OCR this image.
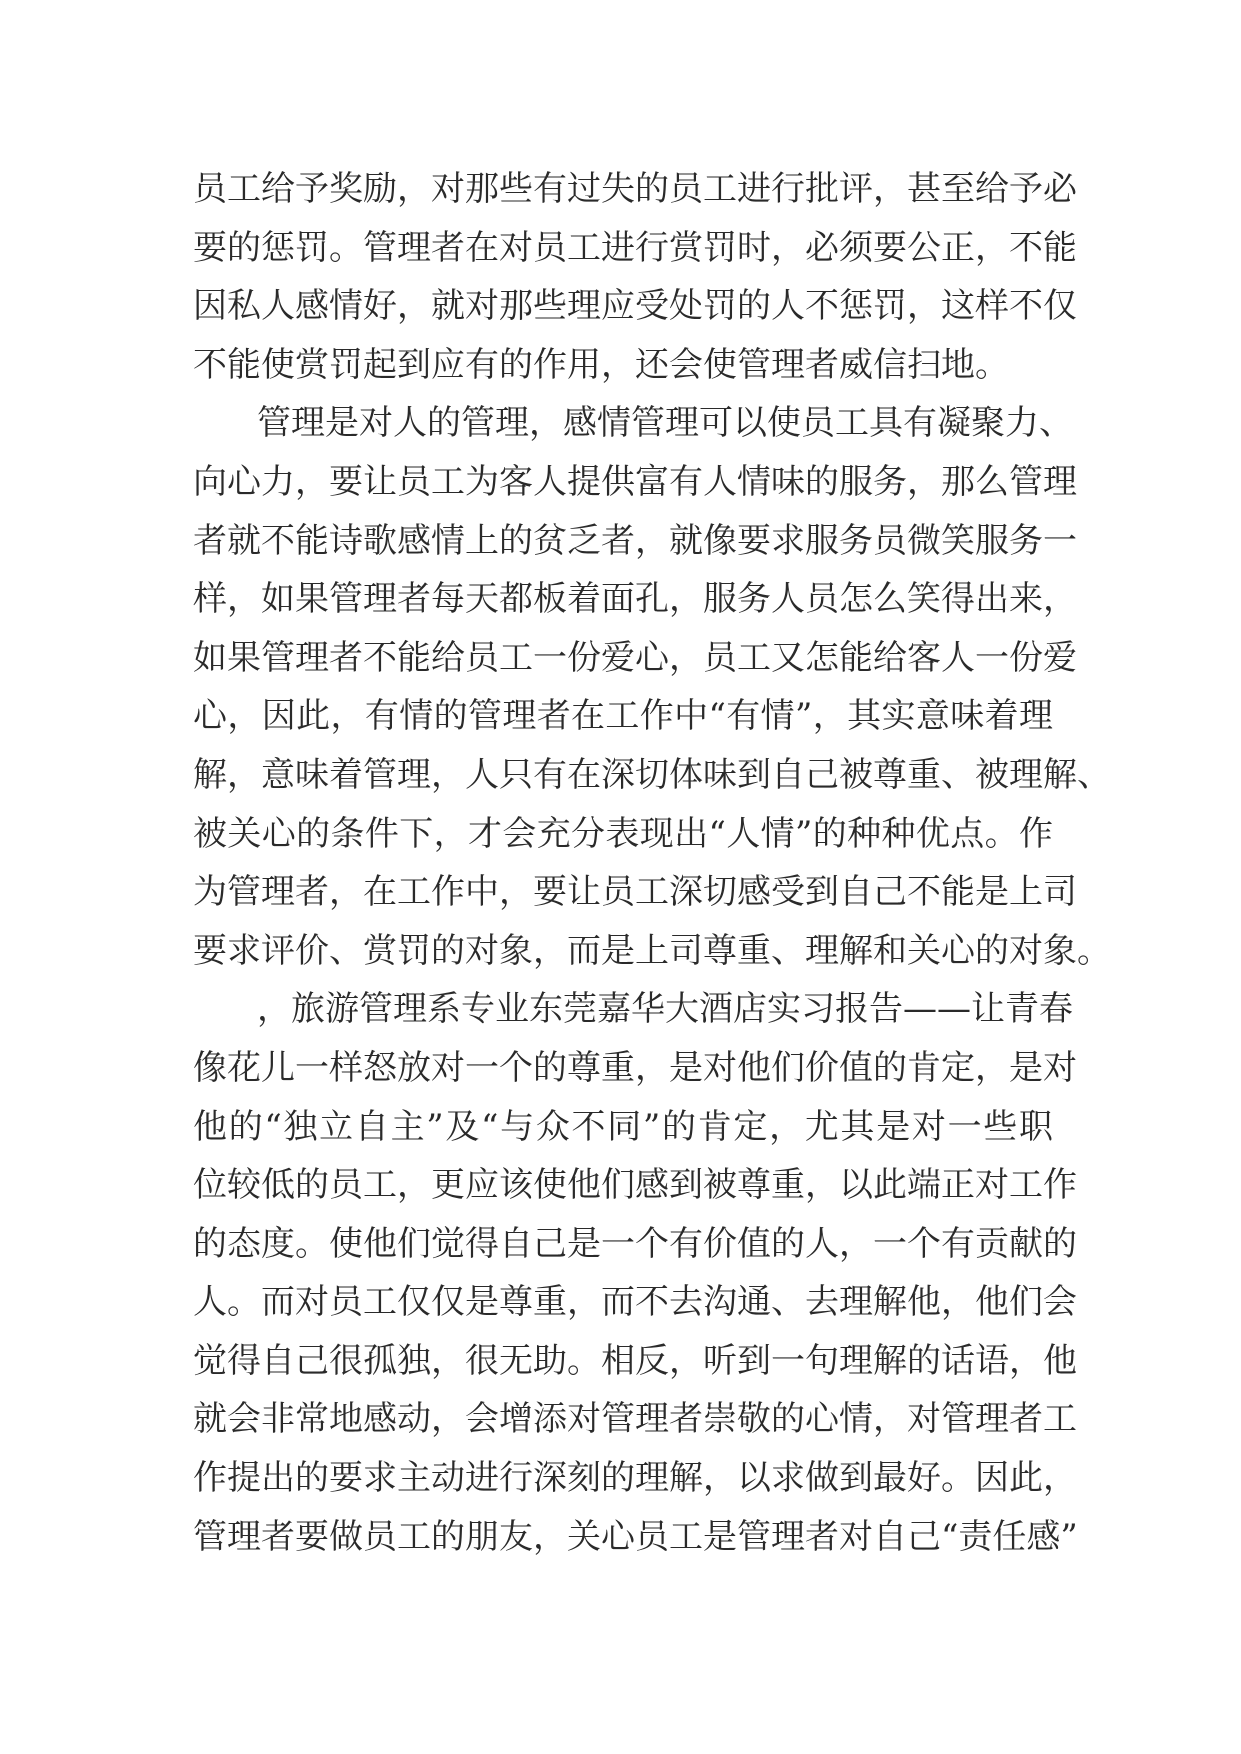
员工给予奖励，对那些有过失的员工进行批评，甚至给予必
要的惩罚。管理者在对员工进行赏罚时，必须要公正，不能
因私人感情好，就对那些理应受处罚的人不惩罚，这样不仅
不能使赏罚起到应有的作用，还会使管理者威信扫地。
管理是对人的管理，感情管理可以使员工具有凝聚力、
向心力，要让员工为客人提供富有人情味的服务，那么管理
者就不能诗歌感情上的贫乏者，就像要求服务员微笑服务一
样，如果管理者每天都板着面孔，服务人员怎么笑得出来，
如果管理者不能给员工一份爱心，员工又怎能给客人一份爱
心，因此，有情的管理者在工作中“有情”，其实意味着理
解，意味着管理，人只有在深切体味到自己被尊重、被理解、
被关心的条件下，才会充分表现出“人情”的种种优点。作
为管理者，在工作中，要让员工深切感受到自己不能是上司
要求评价、赏罚的对象，而是上司尊重、理解和关心的对象。
，旅游管理系专业东莞嘉华大酒店实习报告——让青春
像花儿一样怒放对一个的尊重，是对他们价值的肯定，是对
他的“独立自主”及“与众不同”的肯定，尤其是对一些职
位较低的员工，更应该使他们感到被尊重，以此端正对工作
的态度。使他们觉得自己是一个有价值的人，一个有贡献的
人。而对员工仅仅是尊重，而不去沟通、去理解他，他们会
觉得自己很孤独，很无助。相反，听到一句理解的话语，他
就会非常地感动，会增添对管理者崇敬的心情，对管理者工
作提出的要求主动进行深刻的理解，以求做到最好。因此，
管理者要做员工的朋友，关心员工是管理者对自己“责任感”
